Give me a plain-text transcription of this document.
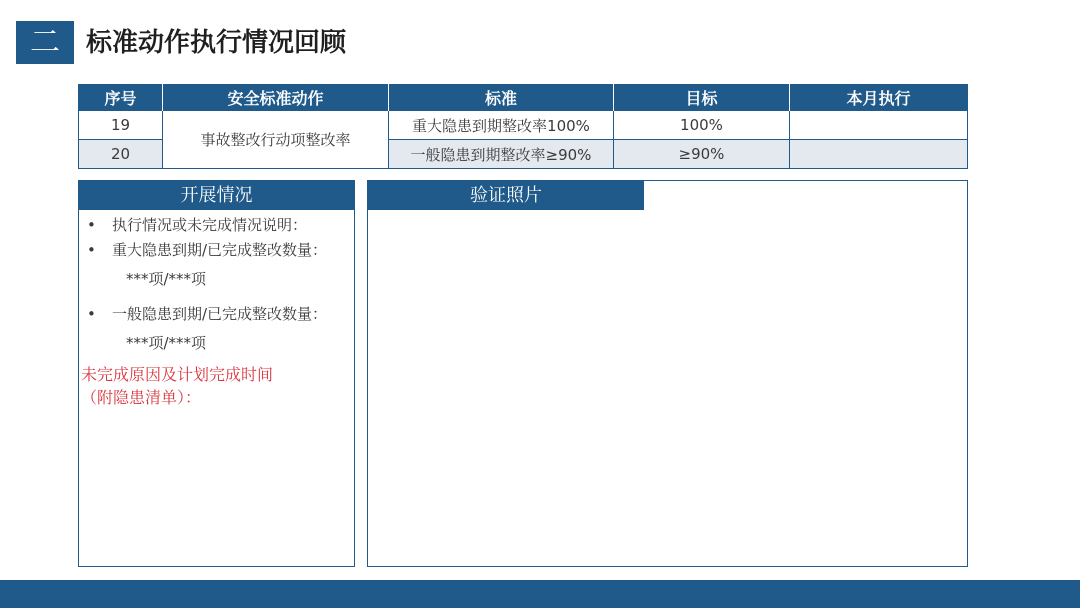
二	标准动作执行情况回顾
序号	安全标准动作	标准	目标	本月执行
19	事故整改行动项整改率	重大隐患到期整改率100%	100%	
20		一般隐患到期整改率≥90%	≥90%	
开展情况
• 执行情况或未完成情况说明：
• 重大隐患到期/已完成整改数量：
***项/***项
• 一般隐患到期/已完成整改数量：
***项/***项
未完成原因及计划完成时间
（附隐患清单）：
验证照片
